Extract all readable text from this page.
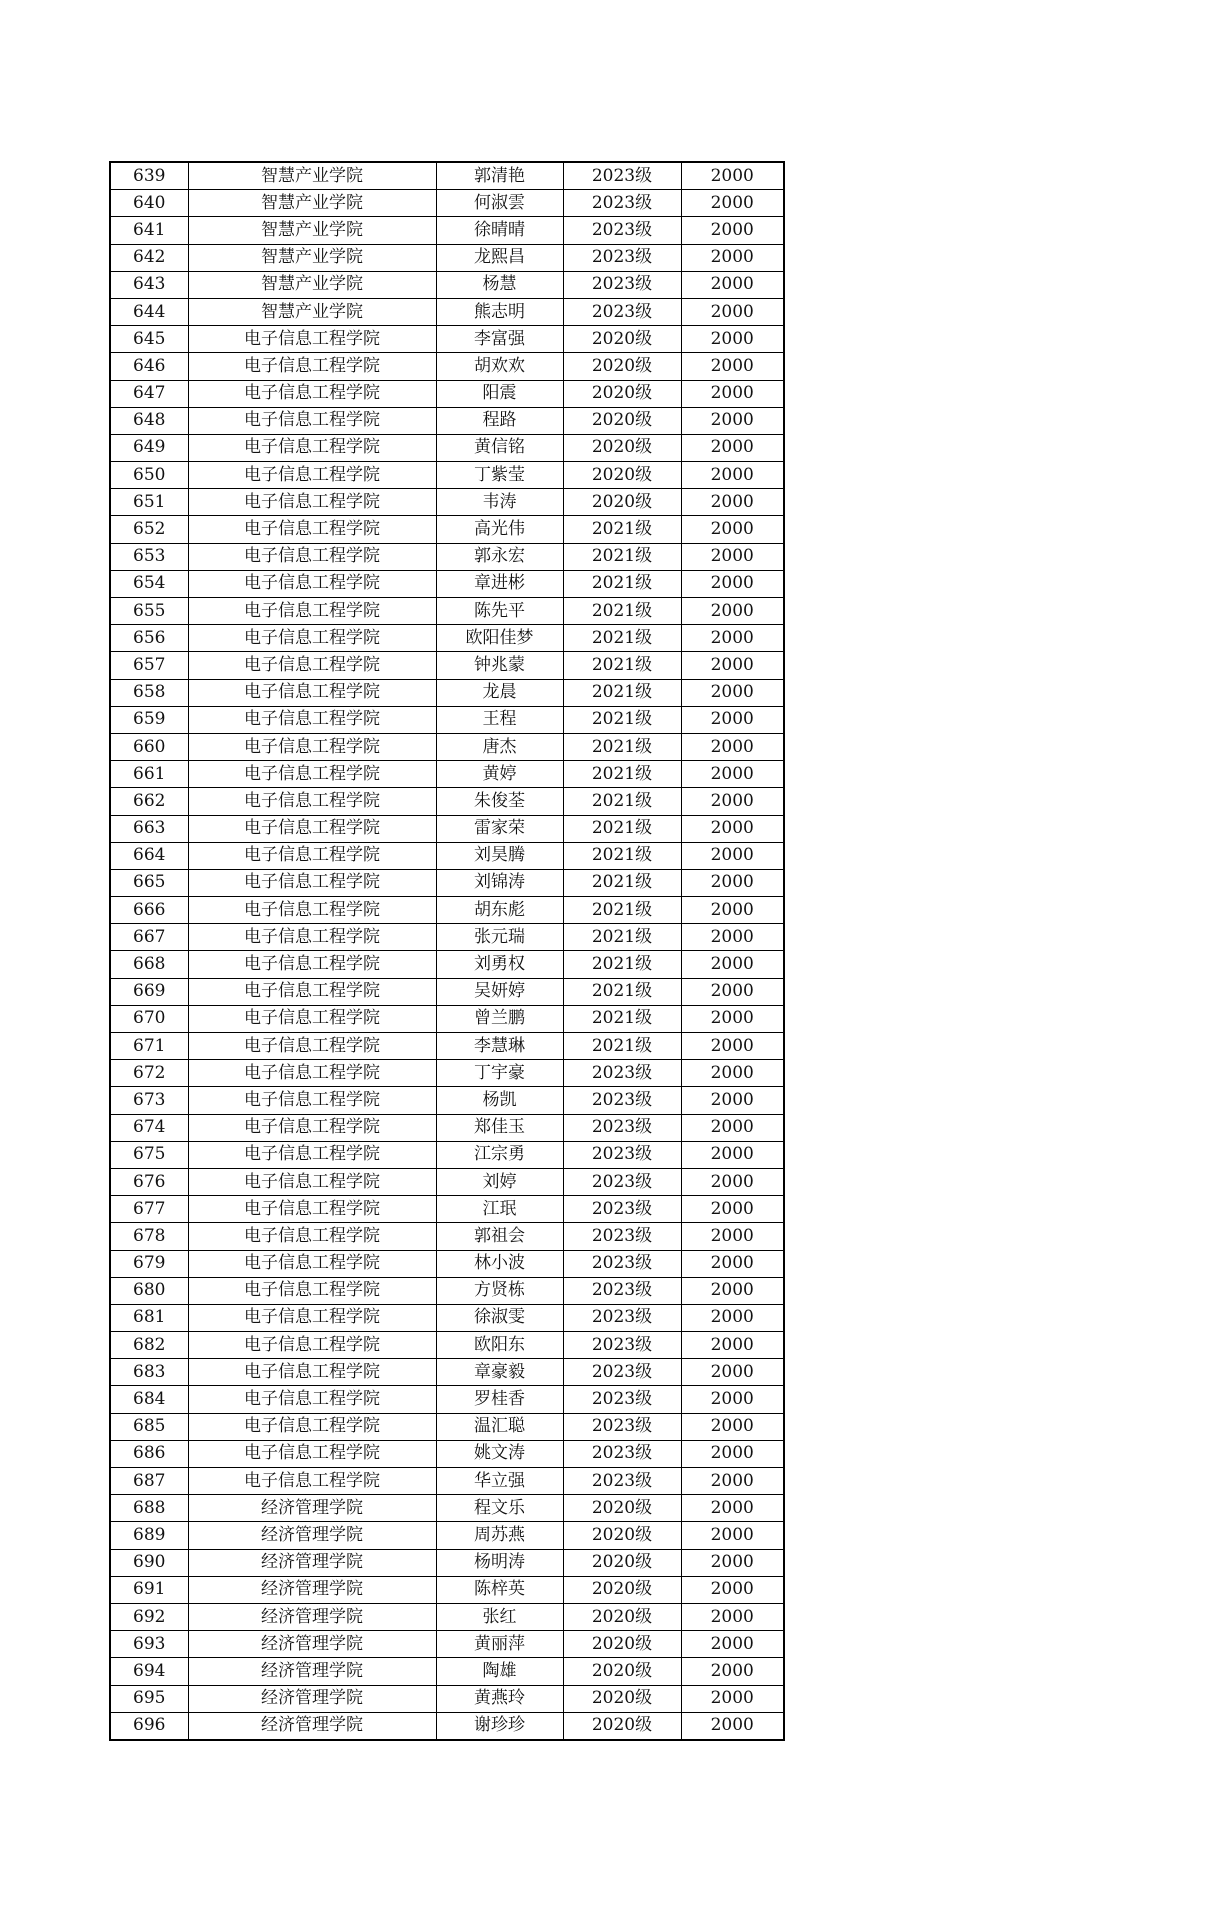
639	智慧产业学院	郭清艳	2023级	2000
640	智慧产业学院	何淑雲	2023级	2000
641	智慧产业学院	徐晴晴	2023级	2000
642	智慧产业学院	龙熙昌	2023级	2000
643	智慧产业学院	杨慧	2023级	2000
644	智慧产业学院	熊志明	2023级	2000
645	电子信息工程学院	李富强	2020级	2000
646	电子信息工程学院	胡欢欢	2020级	2000
647	电子信息工程学院	阳震	2020级	2000
648	电子信息工程学院	程路	2020级	2000
649	电子信息工程学院	黄信铭	2020级	2000
650	电子信息工程学院	丁紫莹	2020级	2000
651	电子信息工程学院	韦涛	2020级	2000
652	电子信息工程学院	高光伟	2021级	2000
653	电子信息工程学院	郭永宏	2021级	2000
654	电子信息工程学院	章进彬	2021级	2000
655	电子信息工程学院	陈先平	2021级	2000
656	电子信息工程学院	欧阳佳梦	2021级	2000
657	电子信息工程学院	钟兆蒙	2021级	2000
658	电子信息工程学院	龙晨	2021级	2000
659	电子信息工程学院	王程	2021级	2000
660	电子信息工程学院	唐杰	2021级	2000
661	电子信息工程学院	黄婷	2021级	2000
662	电子信息工程学院	朱俊荃	2021级	2000
663	电子信息工程学院	雷家荣	2021级	2000
664	电子信息工程学院	刘昊腾	2021级	2000
665	电子信息工程学院	刘锦涛	2021级	2000
666	电子信息工程学院	胡东彪	2021级	2000
667	电子信息工程学院	张元瑞	2021级	2000
668	电子信息工程学院	刘勇权	2021级	2000
669	电子信息工程学院	吴妍婷	2021级	2000
670	电子信息工程学院	曾兰鹏	2021级	2000
671	电子信息工程学院	李慧琳	2021级	2000
672	电子信息工程学院	丁宇豪	2023级	2000
673	电子信息工程学院	杨凯	2023级	2000
674	电子信息工程学院	郑佳玉	2023级	2000
675	电子信息工程学院	江宗勇	2023级	2000
676	电子信息工程学院	刘婷	2023级	2000
677	电子信息工程学院	江珉	2023级	2000
678	电子信息工程学院	郭祖会	2023级	2000
679	电子信息工程学院	林小波	2023级	2000
680	电子信息工程学院	方贤栋	2023级	2000
681	电子信息工程学院	徐淑雯	2023级	2000
682	电子信息工程学院	欧阳东	2023级	2000
683	电子信息工程学院	章豪毅	2023级	2000
684	电子信息工程学院	罗桂香	2023级	2000
685	电子信息工程学院	温汇聪	2023级	2000
686	电子信息工程学院	姚文涛	2023级	2000
687	电子信息工程学院	华立强	2023级	2000
688	经济管理学院	程文乐	2020级	2000
689	经济管理学院	周苏燕	2020级	2000
690	经济管理学院	杨明涛	2020级	2000
691	经济管理学院	陈梓英	2020级	2000
692	经济管理学院	张红	2020级	2000
693	经济管理学院	黄丽萍	2020级	2000
694	经济管理学院	陶雄	2020级	2000
695	经济管理学院	黄燕玲	2020级	2000
696	经济管理学院	谢珍珍	2020级	2000
